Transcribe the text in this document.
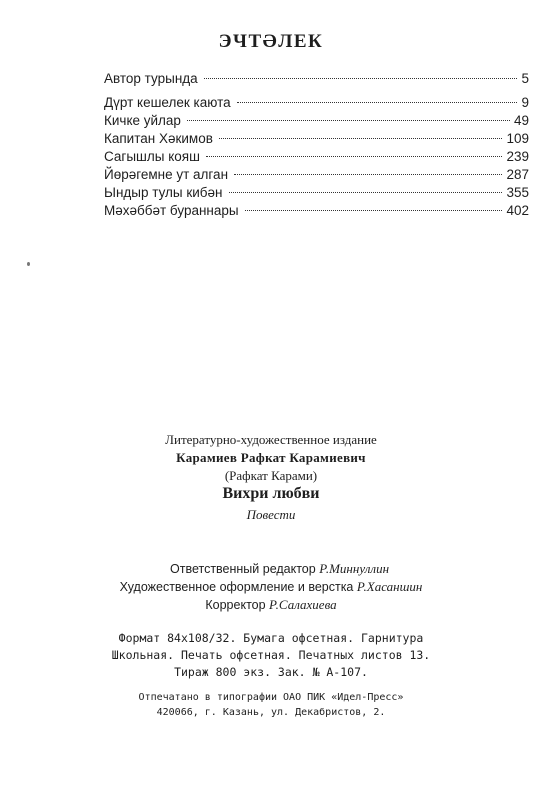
ЭЧТӘЛЕК
Автор турында	5
Дүрт кешелек каюта	9
Кичке уйлар	49
Капитан Хәкимов	109
Сагышлы кояш	239
Йөрәгемне ут алган	287
Ындыр тулы кибән	355
Мәхәббәт бураннары	402
Литературно-художественное издание
Карамиев Рафкат Карамиевич
(Рафкат Карами)
Вихри любви
Повести
Ответственный редактор Р.Миннуллин
Художественное оформление и верстка Р.Хасаншин
Корректор Р.Салахиева
Формат 84х108/32. Бумага офсетная. Гарнитура
Школьная. Печать офсетная. Печатных листов 13.
Тираж 800 экз. Зак. № А-107.
Отпечатано в типографии ОАО ПИК «Идел-Пресс»
420066, г. Казань, ул. Декабристов, 2.
